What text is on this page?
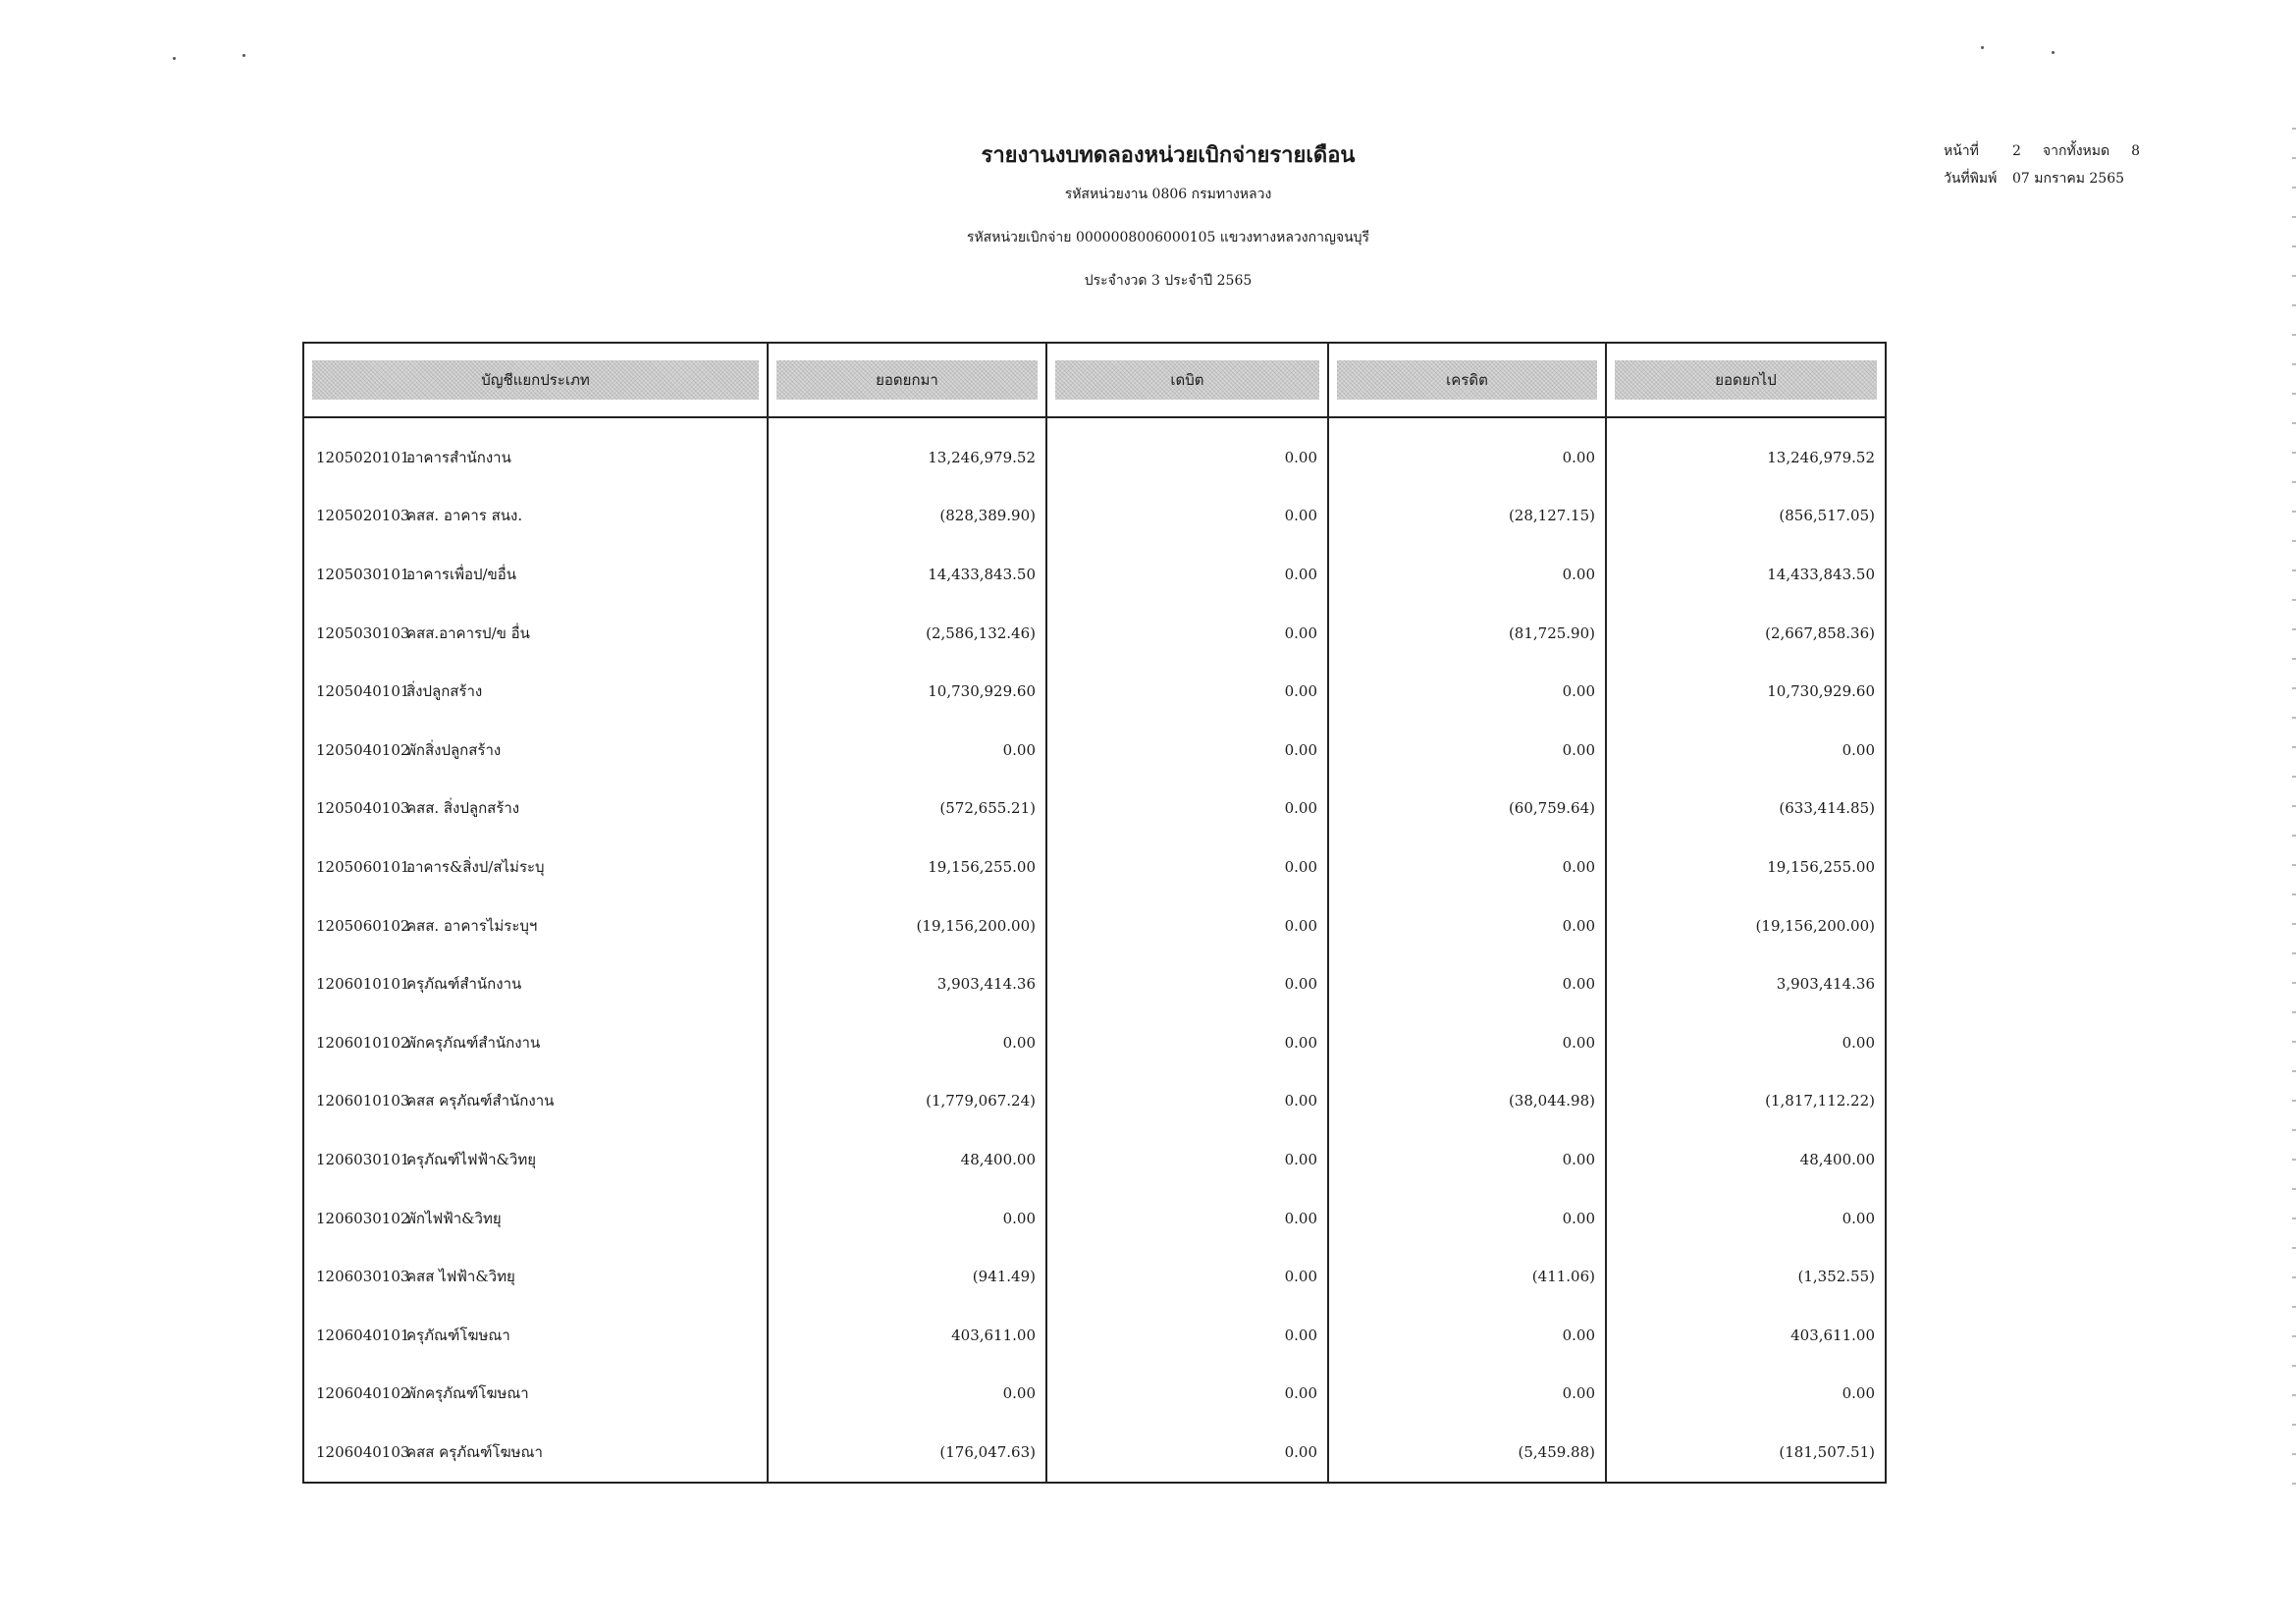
รายงานงบทดลองหน่วยเบิกจ่ายรายเดือน
รหัสหน่วยงาน 0806 กรมทางหลวง
รหัสหน่วยเบิกจ่าย 0000008006000105 แขวงทางหลวงกาญจนบุรี
ประจำงวด 3 ประจำปี 2565
หน้าที่ 2 จากทั้งหมด 8
วันที่พิมพ์ 07 มกราคม 2565
บัญชีแยกประเภท	ยอดยกมา	เดบิต	เครดิต	ยอดยกไป

1205020101อาคารสำนักงาน	13,246,979.52	0.00	0.00	13,246,979.52
1205020103คสส. อาคาร สนง.	(828,389.90)	0.00	(28,127.15)	(856,517.05)
1205030101อาคารเพื่อป/ขอื่น	14,433,843.50	0.00	0.00	14,433,843.50
1205030103คสส.อาคารป/ข อื่น	(2,586,132.46)	0.00	(81,725.90)	(2,667,858.36)
1205040101สิ่งปลูกสร้าง	10,730,929.60	0.00	0.00	10,730,929.60
1205040102พักสิ่งปลูกสร้าง	0.00	0.00	0.00	0.00
1205040103คสส. สิ่งปลูกสร้าง	(572,655.21)	0.00	(60,759.64)	(633,414.85)
1205060101อาคาร&สิ่งป/สไม่ระบุ	19,156,255.00	0.00	0.00	19,156,255.00
1205060102คสส. อาคารไม่ระบุฯ	(19,156,200.00)	0.00	0.00	(19,156,200.00)
1206010101ครุภัณฑ์สำนักงาน	3,903,414.36	0.00	0.00	3,903,414.36
1206010102พักครุภัณฑ์สำนักงาน	0.00	0.00	0.00	0.00
1206010103คสส ครุภัณฑ์สำนักงาน	(1,779,067.24)	0.00	(38,044.98)	(1,817,112.22)
1206030101ครุภัณฑ์ไฟฟ้า&วิทยุ	48,400.00	0.00	0.00	48,400.00
1206030102พักไฟฟ้า&วิทยุ	0.00	0.00	0.00	0.00
1206030103คสส ไฟฟ้า&วิทยุ	(941.49)	0.00	(411.06)	(1,352.55)
1206040101ครุภัณฑ์โฆษณา	403,611.00	0.00	0.00	403,611.00
1206040102พักครุภัณฑ์โฆษณา	0.00	0.00	0.00	0.00
1206040103คสส ครุภัณฑ์โฆษณา	(176,047.63)	0.00	(5,459.88)	(181,507.51)
